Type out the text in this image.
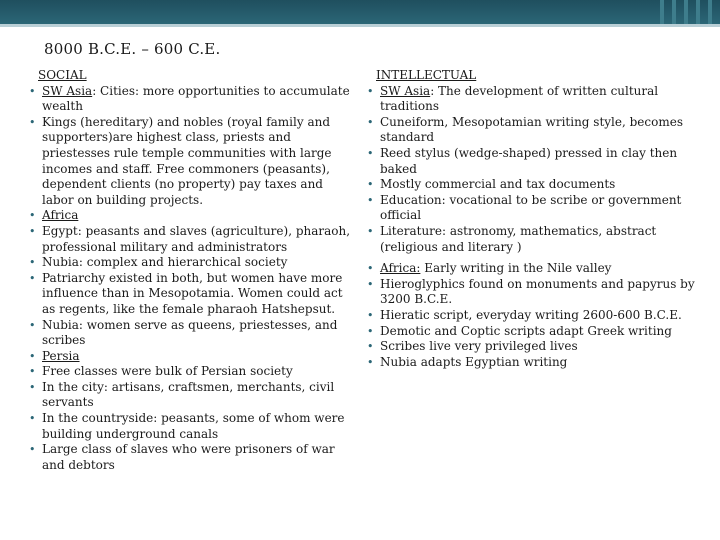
8000 B.C.E. – 600 C.E.
SOCIAL
• SW Asia: Cities: more opportunities to accumulate wealth
• Kings (hereditary) and nobles (royal family and supporters)are highest class, priests and priestesses rule temple communities with large incomes and staff. Free commoners (peasants), dependent clients (no property) pay taxes and labor on building projects.
• Africa
• Egypt: peasants and slaves (agriculture), pharaoh, professional military and administrators
• Nubia: complex and hierarchical society
• Patriarchy existed in both, but women have more influence than in Mesopotamia. Women could act as regents, like the female pharaoh Hatshepsut.
• Nubia: women serve as queens, priestesses, and scribes
• Persia
• Free classes were bulk of Persian society
• In the city: artisans, craftsmen, merchants, civil servants
• In the countryside: peasants, some of whom were building underground canals
• Large class of slaves who were prisoners of war and debtors
INTELLECTUAL
• SW Asia: The development of written cultural traditions
• Cuneiform, Mesopotamian writing style, becomes standard
• Reed stylus (wedge-shaped) pressed in clay then baked
• Mostly commercial and tax documents
• Education: vocational to be scribe or government official
• Literature: astronomy, mathematics, abstract (religious and literary )
• Africa: Early writing in the Nile valley
• Hieroglyphics found on monuments and papyrus by 3200 B.C.E.
• Hieratic script, everyday writing 2600-600 B.C.E.
• Demotic and Coptic scripts adapt Greek writing
• Scribes live very privileged lives
• Nubia adapts Egyptian writing
